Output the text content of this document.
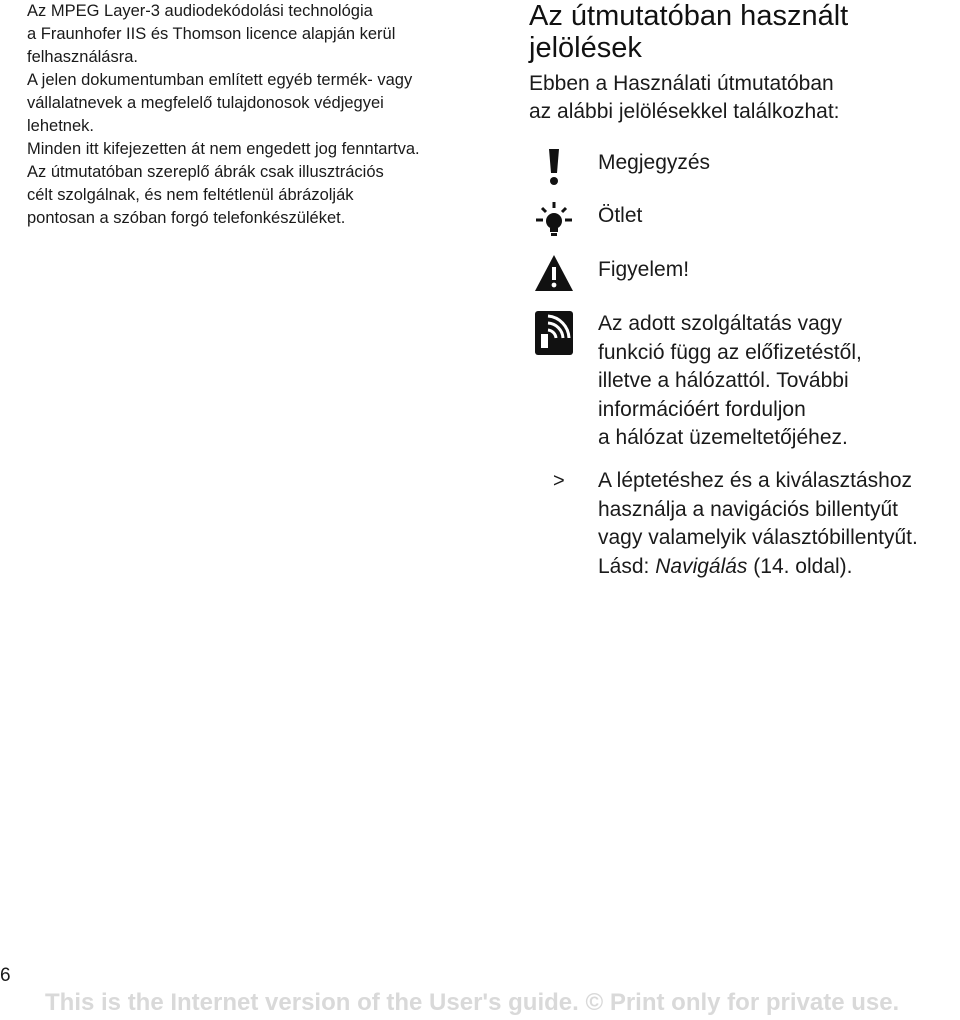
Az MPEG Layer-3 audiodekódolási technológia
a Fraunhofer IIS és Thomson licence alapján kerül
felhasználásra.

A jelen dokumentumban említett egyéb termék- vagy
vállalatnevek a megfelelő tulajdonosok védjegyei
lehetnek.

Minden itt kifejezetten át nem engedett jog fenntartva.

Az útmutatóban szereplő ábrák csak illusztrációs
célt szolgálnak, és nem feltétlenül ábrázolják
pontosan a szóban forgó telefonkészüléket.

Az útmutatóban használt
jelölések
Ebben a Használati útmutatóban
az alábbi jelölésekkel találkozhat:
Megjegyzés
Ötlet
Figyelem!
Az adott szolgáltatás vagy
funkció függ az előfizetéstől,
illetve a hálózattól. További
információért forduljon
a hálózat üzemeltetőjéhez.
> A léptetéshez és a kiválasztáshoz
használja a navigációs billentyűt
vagy valamelyik választóbillentyűt.
Lásd: Navigálás (14. oldal).
6
This is the Internet version of the User's guide. © Print only for private use.
